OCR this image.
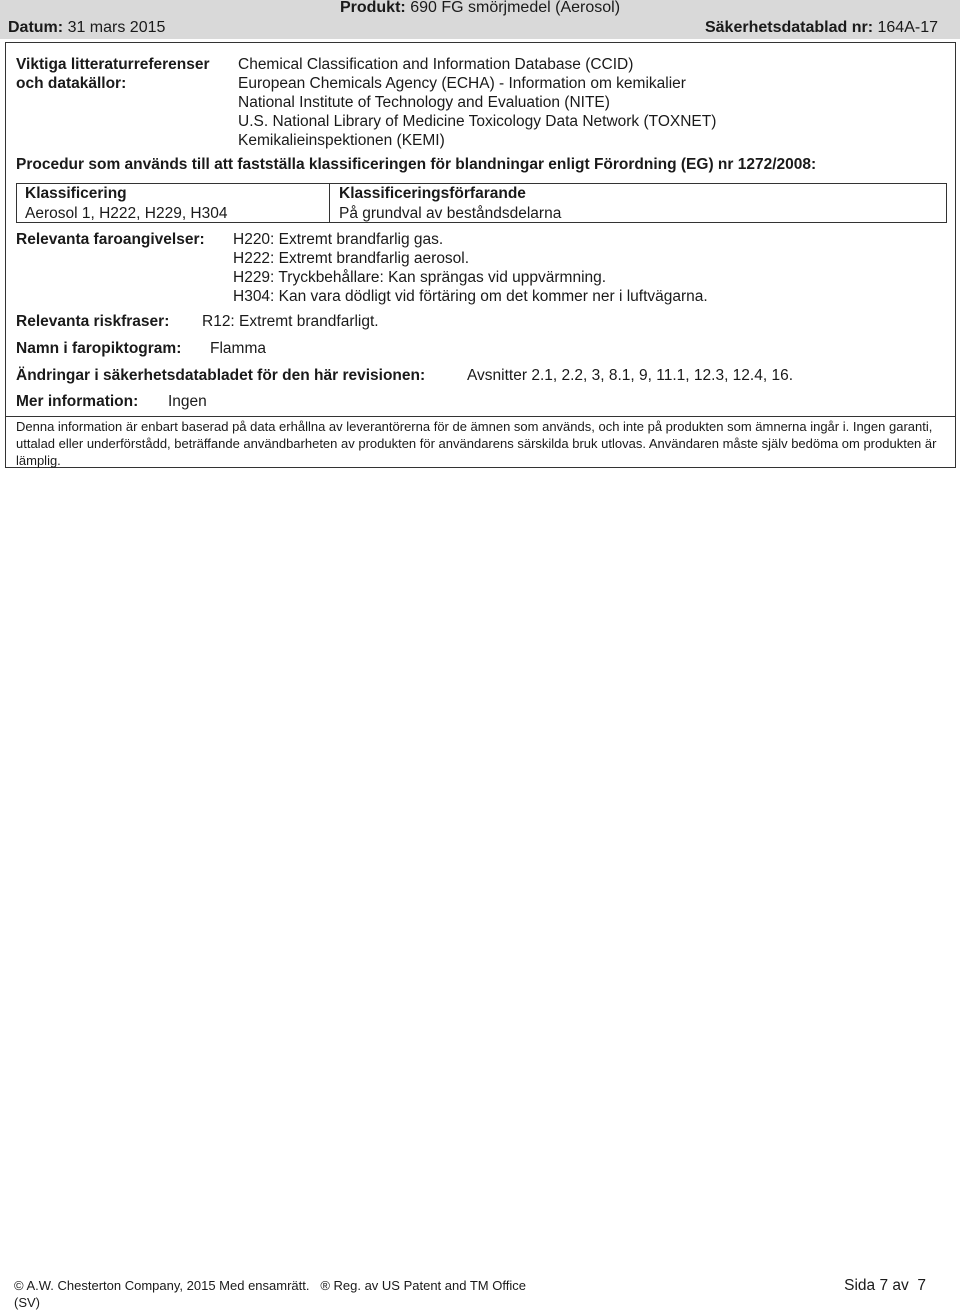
Produkt: 690 FG smörjmedel (Aerosol)
Datum: 31 mars 2015	Säkerhetsdatablad nr: 164A-17
Viktiga litteraturreferenser
och datakällor:
Chemical Classification and Information Database (CCID)
European Chemicals Agency (ECHA) - Information om kemikalier
National Institute of Technology and Evaluation (NITE)
U.S. National Library of Medicine Toxicology Data Network (TOXNET)
Kemikalieinspektionen (KEMI)
Procedur som används till att fastställa klassificeringen för blandningar enligt Förordning (EG) nr 1272/2008:
Klassificering	Klassificeringsförfarande
Aerosol 1, H222, H229, H304	På grundval av beståndsdelarna
Relevanta faroangivelser: H220: Extremt brandfarlig gas.
H222: Extremt brandfarlig aerosol.
H229: Tryckbehållare: Kan sprängas vid uppvärmning.
H304: Kan vara dödligt vid förtäring om det kommer ner i luftvägarna.
Relevanta riskfraser: R12: Extremt brandfarligt.
Namn i faropiktogram: Flamma
Ändringar i säkerhetsdatabladet för den här revisionen:	Avsnitter 2.1, 2.2, 3, 8.1, 9, 11.1, 12.3, 12.4, 16.
Mer information: Ingen
Denna information är enbart baserad på data erhållna av leverantörerna för de ämnen som används, och inte på produkten som ämnerna ingår i. Ingen garanti, uttalad eller underförstådd, beträffande användbarheten av produkten för användarens särskilda bruk utlovas. Användaren måste själv bedöma om produkten är lämplig.
© A.W. Chesterton Company, 2015 Med ensamrätt.   ® Reg. av US Patent and TM Office
(SV)
Sida 7 av  7
